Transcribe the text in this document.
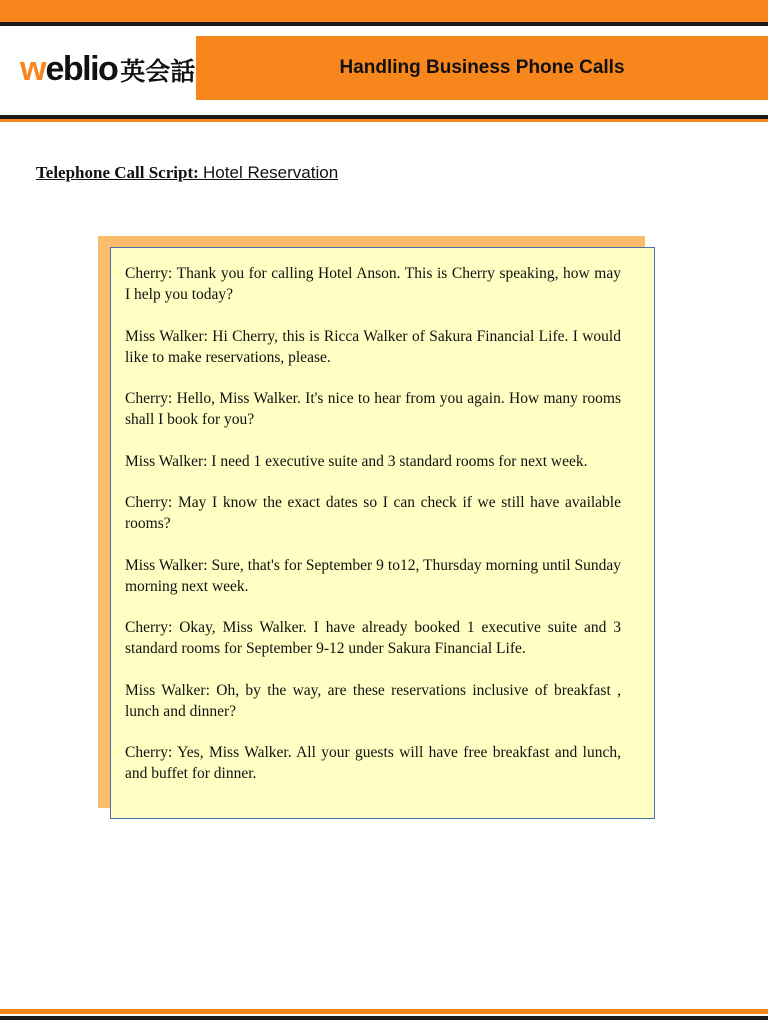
w eblio 英会話	Handling Business Phone Calls
Telephone Call Script: Hotel Reservation

Cherry: Thank you for calling Hotel Anson. This is Cherry speaking, how may I help you today?

Miss Walker: Hi Cherry, this is Ricca Walker of Sakura Financial Life. I would like to make reservations, please.

Cherry: Hello, Miss Walker. It's nice to hear from you again. How many rooms shall I book for you?

Miss Walker: I need 1 executive suite and 3 standard rooms for next week.

Cherry: May I know the exact dates so I can check if we still have available rooms?

Miss Walker: Sure, that's for September 9 to12, Thursday morning until Sunday morning next week.

Cherry: Okay, Miss Walker. I have already booked 1 executive suite and 3 standard rooms for September 9-12 under Sakura Financial Life.

Miss Walker: Oh, by the way, are these reservations inclusive of breakfast , lunch and dinner?

Cherry: Yes, Miss Walker. All your guests will have free breakfast and lunch, and buffet for dinner.
